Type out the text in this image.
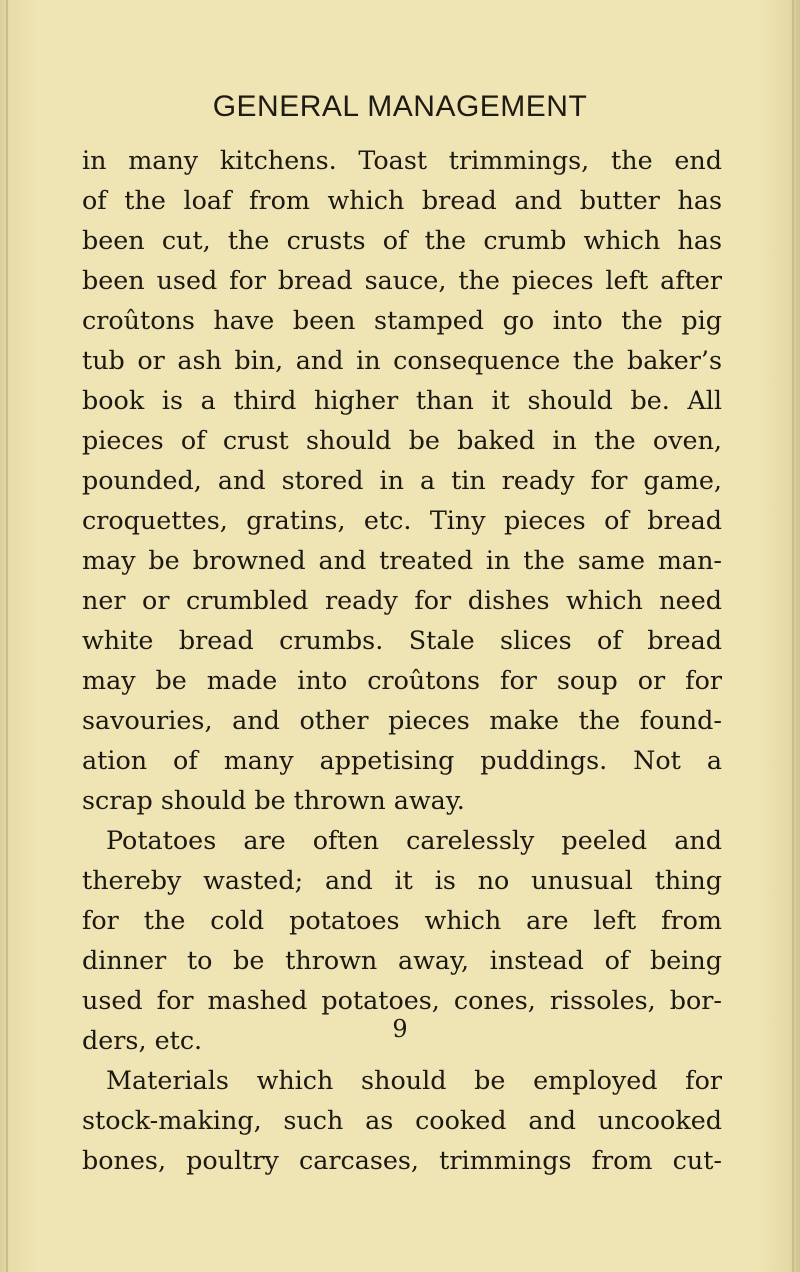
GENERAL MANAGEMENT
in many kitchens. Toast trimmings, the end
of the loaf from which bread and butter has
been cut, the crusts of the crumb which has
been used for bread sauce, the pieces left after
croûtons have been stamped go into the pig
tub or ash bin, and in consequence the baker’s
book is a third higher than it should be. All
pieces of crust should be baked in the oven,
pounded, and stored in a tin ready for game,
croquettes, gratins, etc. Tiny pieces of bread
may be browned and treated in the same man-
ner or crumbled ready for dishes which need
white bread crumbs. Stale slices of bread
may be made into croûtons for soup or for
savouries, and other pieces make the found-
ation of many appetising puddings. Not a
scrap should be thrown away.
Potatoes are often carelessly peeled and
thereby wasted; and it is no unusual thing
for the cold potatoes which are left from
dinner to be thrown away, instead of being
used for mashed potatoes, cones, rissoles, bor-
ders, etc.
Materials which should be employed for
stock-making, such as cooked and uncooked
bones, poultry carcases, trimmings from cut-
9
